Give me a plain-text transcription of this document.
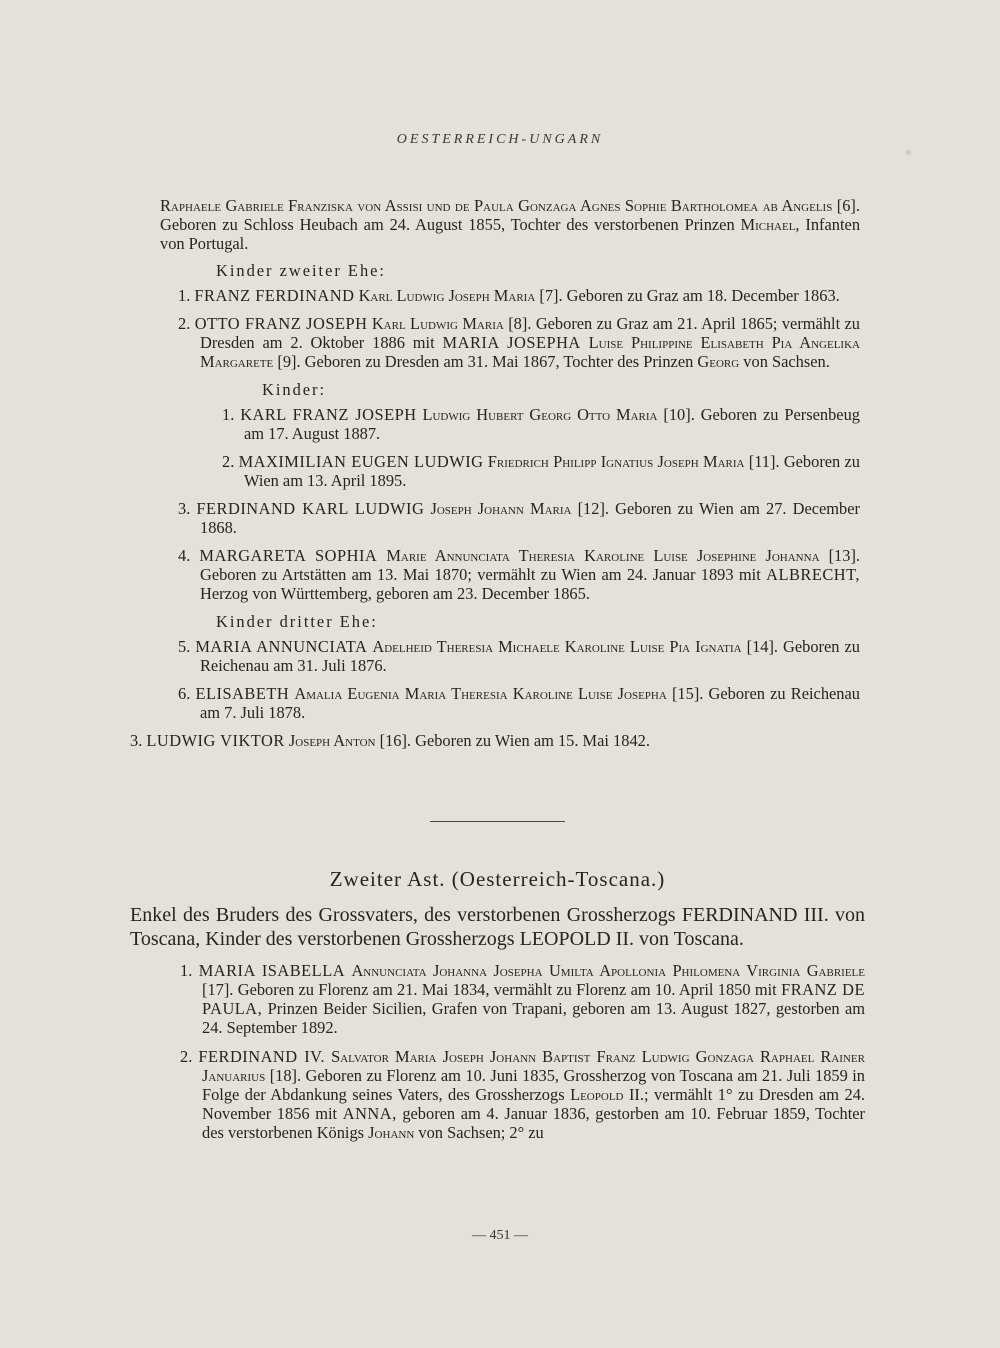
OESTERREICH-UNGARN

Raphaele Gabriele Franziska von Assisi und de Paula Gonzaga Agnes Sophie Bartholomea ab Angelis [6]. Geboren zu Schloss Heubach am 24. August 1855, Tochter des verstorbenen Prinzen Michael, Infanten von Portugal.

Kinder zweiter Ehe:

1. FRANZ FERDINAND Karl Ludwig Joseph Maria [7]. Geboren zu Graz am 18. December 1863.

2. OTTO FRANZ JOSEPH Karl Ludwig Maria [8]. Geboren zu Graz am 21. April 1865; vermählt zu Dresden am 2. Oktober 1886 mit MARIA JOSEPHA Luise Philippine Elisabeth Pia Angelika Margarete [9]. Geboren zu Dresden am 31. Mai 1867, Tochter des Prinzen Georg von Sachsen.

Kinder:

1. KARL FRANZ JOSEPH Ludwig Hubert Georg Otto Maria [10]. Geboren zu Persenbeug am 17. August 1887.

2. MAXIMILIAN EUGEN LUDWIG Friedrich Philipp Ignatius Joseph Maria [11]. Geboren zu Wien am 13. April 1895.

3. FERDINAND KARL LUDWIG Joseph Johann Maria [12]. Geboren zu Wien am 27. December 1868.

4. MARGARETA SOPHIA Marie Annunciata Theresia Karoline Luise Josephine Johanna [13]. Geboren zu Artstätten am 13. Mai 1870; vermählt zu Wien am 24. Januar 1893 mit ALBRECHT, Herzog von Württemberg, geboren am 23. December 1865.

Kinder dritter Ehe:

5. MARIA ANNUNCIATA Adelheid Theresia Michaele Karoline Luise Pia Ignatia [14]. Geboren zu Reichenau am 31. Juli 1876.

6. ELISABETH Amalia Eugenia Maria Theresia Karoline Luise Josepha [15]. Geboren zu Reichenau am 7. Juli 1878.

3. LUDWIG VIKTOR Joseph Anton [16]. Geboren zu Wien am 15. Mai 1842.

Zweiter Ast. (Oesterreich-Toscana.)

Enkel des Bruders des Grossvaters, des verstorbenen Grossherzogs FERDINAND III. von Toscana, Kinder des verstorbenen Grossherzogs LEOPOLD II. von Toscana.

1. MARIA ISABELLA Annunciata Johanna Josepha Umilta Apollonia Philomena Virginia Gabriele [17]. Geboren zu Florenz am 21. Mai 1834, vermählt zu Florenz am 10. April 1850 mit FRANZ DE PAULA, Prinzen Beider Sicilien, Grafen von Trapani, geboren am 13. August 1827, gestorben am 24. September 1892.

2. FERDINAND IV. Salvator Maria Joseph Johann Baptist Franz Ludwig Gonzaga Raphael Rainer Januarius [18]. Geboren zu Florenz am 10. Juni 1835, Grossherzog von Toscana am 21. Juli 1859 in Folge der Abdankung seines Vaters, des Grossherzogs Leopold II.; vermählt 1° zu Dresden am 24. November 1856 mit ANNA, geboren am 4. Januar 1836, gestorben am 10. Februar 1859, Tochter des verstorbenen Königs Johann von Sachsen; 2° zu

— 451 —
